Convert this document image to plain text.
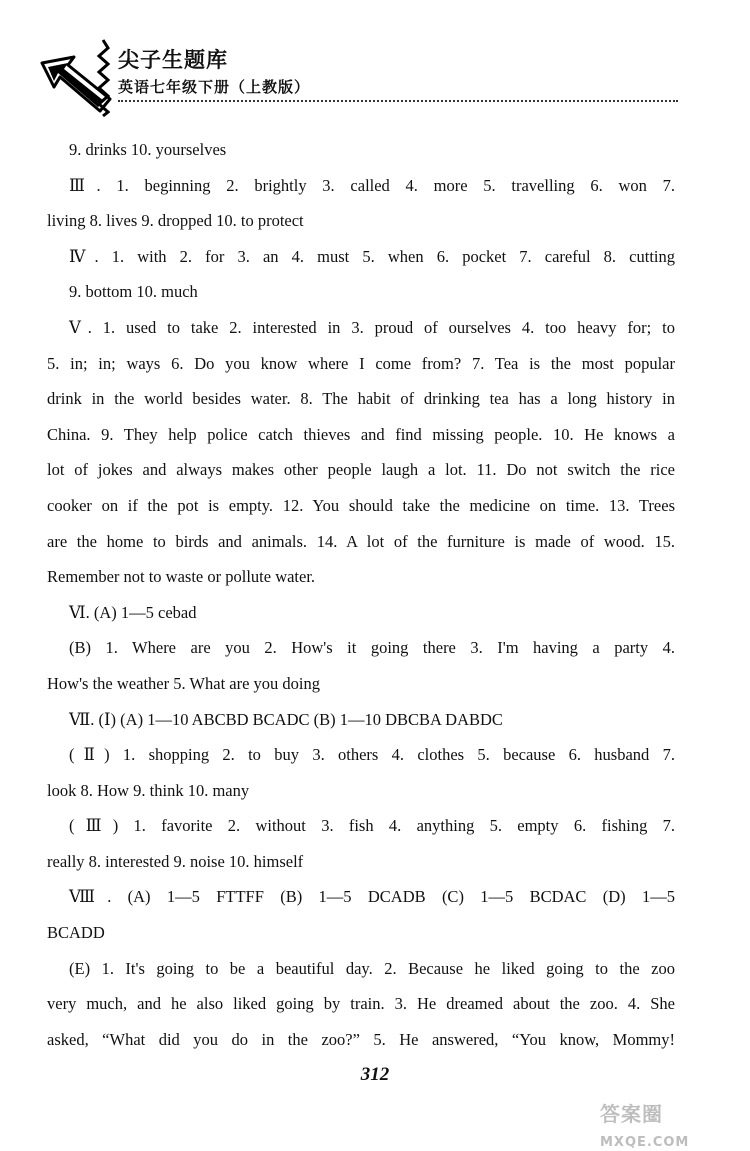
尖子生题库
英语七年级下册（上教版）
9. drinks 10. yourselves
Ⅲ. 1. beginning 2. brightly 3. called 4. more 5. travelling 6. won 7.
living 8. lives 9. dropped 10. to protect
Ⅳ. 1. with 2. for 3. an 4. must 5. when 6. pocket 7. careful 8. cutting
9. bottom 10. much
Ⅴ. 1. used to take 2. interested in 3. proud of ourselves 4. too heavy for; to
5. in; in; ways 6. Do you know where I come from? 7. Tea is the most popular
drink in the world besides water. 8. The habit of drinking tea has a long history in
China. 9. They help police catch thieves and find missing people. 10. He knows a
lot of jokes and always makes other people laugh a lot. 11. Do not switch the rice
cooker on if the pot is empty. 12. You should take the medicine on time. 13. Trees
are the home to birds and animals. 14. A lot of the furniture is made of wood. 15.
Remember not to waste or pollute water.
Ⅵ. (A) 1—5 cebad
(B) 1. Where are you 2. How's it going there 3. I'm having a party 4.
How's the weather 5. What are you doing
Ⅶ. (Ⅰ) (A) 1—10 ABCBD BCADC (B) 1—10 DBCBA DABDC
(Ⅱ) 1. shopping 2. to buy 3. others 4. clothes 5. because 6. husband 7.
look 8. How 9. think 10. many
(Ⅲ) 1. favorite 2. without 3. fish 4. anything 5. empty 6. fishing 7.
really 8. interested 9. noise 10. himself
Ⅷ. (A) 1—5 FTTFF (B) 1—5 DCADB (C) 1—5 BCDAC (D) 1—5
BCADD
(E) 1. It's going to be a beautiful day. 2. Because he liked going to the zoo
very much, and he also liked going by train. 3. He dreamed about the zoo. 4. She
asked, “What did you do in the zoo?” 5. He answered, “You know, Mommy!
312
答案圈
MXQE.COM
